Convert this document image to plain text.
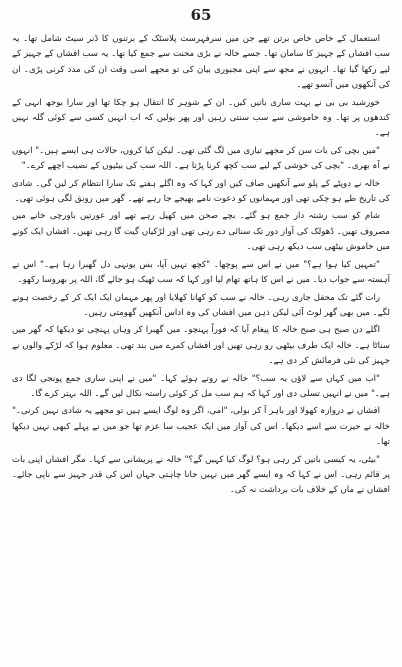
65

استعمال کے خاص خاص برتن تھے جن میں سرفہرست پلاسٹک کے برتنوں کا ڈنر سیٹ شامل تھا۔ یہ سب افشاں کے جہیز کا سامان تھا۔ جسے خالہ نے بڑی محنت سے جمع کیا تھا۔ یہ سب افشاں کے جہیز کے لیے رکھا گیا تھا۔ انہوں نے مجھ سے اپنی مجبوری بیان کی تو مجھے اسی وقت ان کی مدد کرنی پڑی۔ ان کی آنکھوں میں آنسو تھے۔

خورشید بی بی نے بہت ساری باتیں کیں۔ ان کے شوہر کا انتقال ہو چکا تھا اور سارا بوجھ انہی کے کندھوں پر تھا۔ وہ خاموشی سے سب سنتی رہیں اور پھر بولیں کہ اب انہیں کسی سے کوئی گلہ نہیں ہے۔

"میں بچی کی بات سن کر مجھے تیاری میں لگ گئی تھی۔ لیکن کیا کروں، حالات ہی ایسے ہیں۔" انہوں نے آہ بھری۔ "بچی کی خوشی کے لیے سب کچھ کرنا پڑتا ہے۔ اللہ سب کی بیٹیوں کے نصیب اچھے کرے۔"

خالہ نے دوپٹے کے پلو سے آنکھیں صاف کیں اور کہا کہ وہ اگلے ہفتے تک سارا انتظام کر لیں گی۔ شادی کی تاریخ طے ہو چکی تھی اور مہمانوں کو دعوت نامے بھیجے جا رہے تھے۔ گھر میں رونق لگی ہوئی تھی۔

شام کو سب رشتہ دار جمع ہو گئے۔ بچے صحن میں کھیل رہے تھے اور عورتیں باورچی خانے میں مصروف تھیں۔ ڈھولک کی آواز دور تک سنائی دے رہی تھی اور لڑکیاں گیت گا رہی تھیں۔ افشاں ایک کونے میں خاموش بیٹھی سب دیکھ رہی تھی۔

"تمہیں کیا ہوا ہے؟" میں نے اس سے پوچھا۔ "کچھ نہیں آپا، بس یونہی دل گھبرا رہا ہے۔" اس نے آہستہ سے جواب دیا۔ میں نے اس کا ہاتھ تھام لیا اور کہا کہ سب ٹھیک ہو جائے گا، اللہ پر بھروسا رکھو۔

رات گئے تک محفل جاری رہی۔ خالہ نے سب کو کھانا کھلایا اور پھر مہمان ایک ایک کر کے رخصت ہونے لگے۔ میں بھی گھر لوٹ آئی لیکن ذہن میں افشاں کی وہ اداس آنکھیں گھومتی رہیں۔

اگلے دن صبح ہی صبح خالہ کا پیغام آیا کہ فوراً پہنچو۔ میں گھبرا کر وہاں پہنچی تو دیکھا کہ گھر میں سناٹا ہے۔ خالہ ایک طرف بیٹھی رو رہی تھیں اور افشاں کمرے میں بند تھی۔ معلوم ہوا کہ لڑکے والوں نے جہیز کی نئی فرمائش کر دی ہے۔

"اب میں کہاں سے لاؤں یہ سب؟" خالہ نے روتے ہوئے کہا۔ "میں نے اپنی ساری جمع پونجی لگا دی ہے۔" میں نے انہیں تسلی دی اور کہا کہ ہم سب مل کر کوئی راستہ نکال لیں گے۔ اللہ بہتر کرے گا۔

افشاں نے دروازہ کھولا اور باہر آ کر بولی، "امی، اگر وہ لوگ ایسے ہیں تو مجھے یہ شادی نہیں کرنی۔" خالہ نے حیرت سے اسے دیکھا۔ اس کی آواز میں ایک عجیب سا عزم تھا جو میں نے پہلے کبھی نہیں دیکھا تھا۔

"بیٹی، یہ کیسی باتیں کر رہی ہو؟ لوگ کیا کہیں گے؟" خالہ نے پریشانی سے کہا۔ مگر افشاں اپنی بات پر قائم رہی۔ اس نے کہا کہ وہ ایسے گھر میں نہیں جانا چاہتی جہاں اس کی قدر جہیز سے ناپی جائے۔ افشاں نے ماں کے خلاف بات برداشت نہ کی۔
